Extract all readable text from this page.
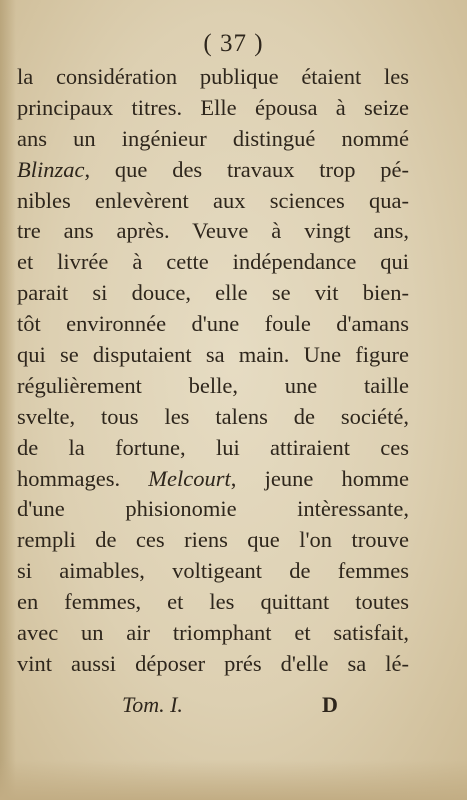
( 37 )
la considération publique étaient les
principaux titres. Elle épousa à seize
ans un ingénieur distingué nommé
Blinzac, que des travaux trop pé-
nibles enlevèrent aux sciences qua-
tre ans après. Veuve à vingt ans,
et livrée à cette indépendance qui
parait si douce, elle se vit bien-
tôt environnée d'une foule d'amans
qui se disputaient sa main. Une figure
régulièrement belle, une taille
svelte, tous les talens de société,
de la fortune, lui attiraient ces
hommages. Melcourt, jeune homme
d'une phisionomie intèressante,
rempli de ces riens que l'on trouve
si aimables, voltigeant de femmes
en femmes, et les quittant toutes
avec un air triomphant et satisfait,
vint aussi déposer prés d'elle sa lé-
Tom. I.	D
